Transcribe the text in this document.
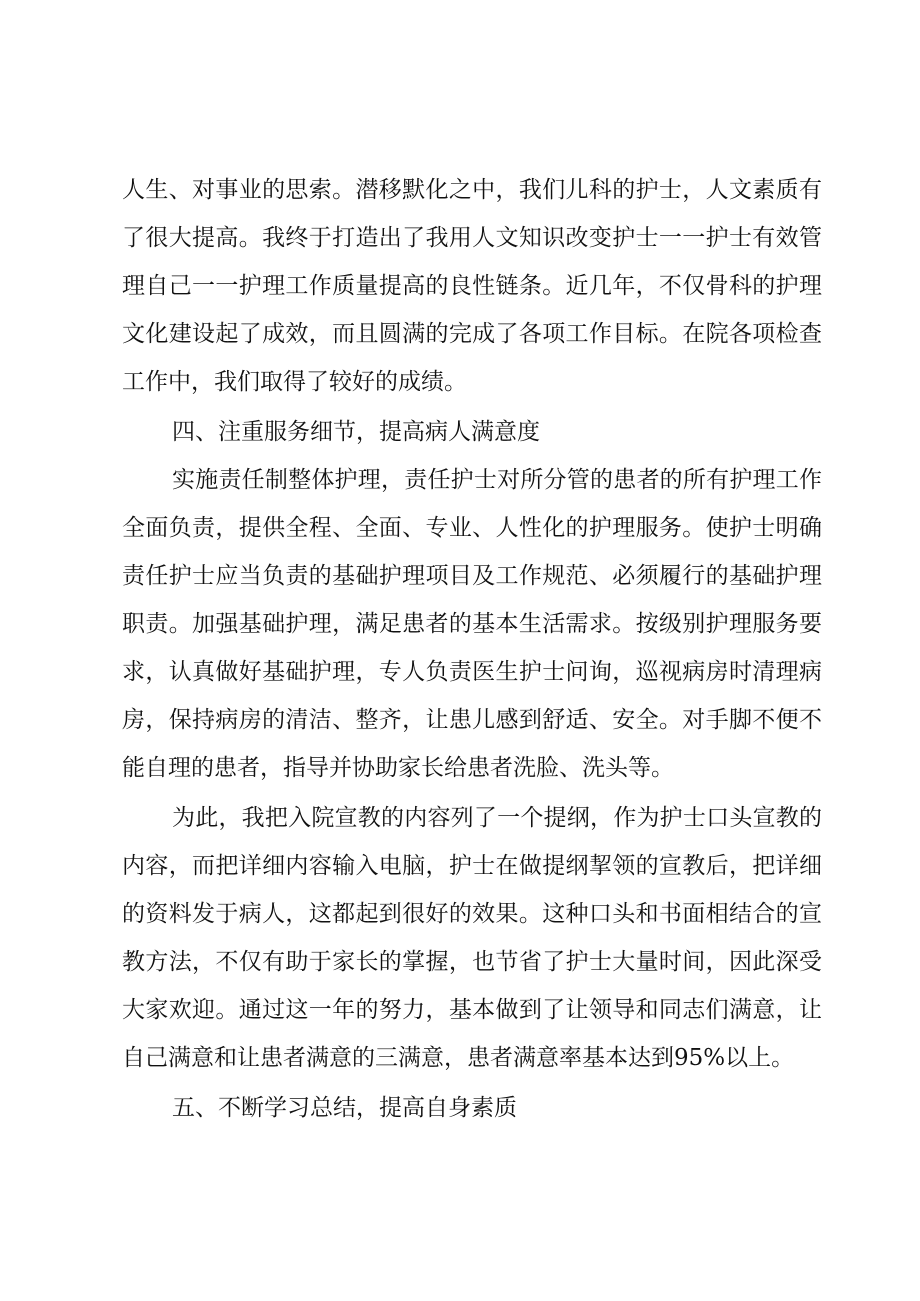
人生、对事业的思索。潜移默化之中，我们儿科的护士，人文素质有
了很大提高。我终于打造出了我用人文知识改变护士一一护士有效管
理自己一一护理工作质量提高的良性链条。近几年，不仅骨科的护理
文化建设起了成效，而且圆满的完成了各项工作目标。在院各项检查
工作中，我们取得了较好的成绩。
四、注重服务细节，提高病人满意度
实施责任制整体护理，责任护士对所分管的患者的所有护理工作
全面负责，提供全程、全面、专业、人性化的护理服务。使护士明确
责任护士应当负责的基础护理项目及工作规范、必须履行的基础护理
职责。加强基础护理，满足患者的基本生活需求。按级别护理服务要
求，认真做好基础护理，专人负责医生护士问询，巡视病房时清理病
房，保持病房的清洁、整齐，让患儿感到舒适、安全。对手脚不便不
能自理的患者，指导并协助家长给患者洗脸、洗头等。
为此，我把入院宣教的内容列了一个提纲，作为护士口头宣教的
内容，而把详细内容输入电脑，护士在做提纲挈领的宣教后，把详细
的资料发于病人，这都起到很好的效果。这种口头和书面相结合的宣
教方法，不仅有助于家长的掌握，也节省了护士大量时间，因此深受
大家欢迎。通过这一年的努力，基本做到了让领导和同志们满意，让
自己满意和让患者满意的三满意，患者满意率基本达到95%以上。
五、不断学习总结，提高自身素质
